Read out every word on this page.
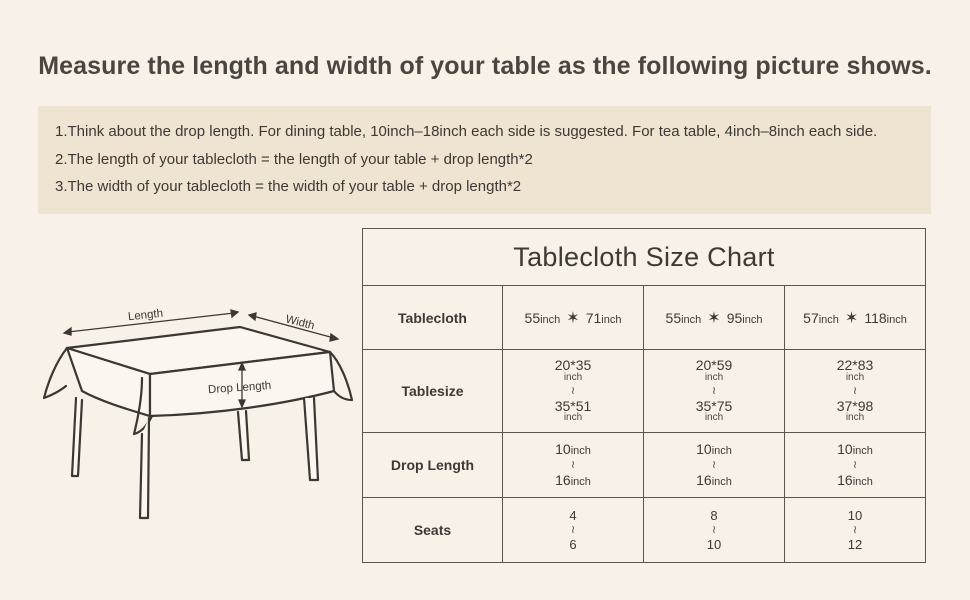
Measure the length and width of your table as the following picture shows.
1.Think about the drop length. For dining table, 10inch–18inch each side is suggested. For tea table, 4inch–8inch each side.
2.The length of your tablecloth = the length of your table + drop length*2
3.The width of your tablecloth = the width of your table + drop length*2
Length	Width
Drop Length
Tablecloth Size Chart			
Tablecloth	55inch ✶ 71inch	55inch ✶ 95inch	57inch ✶ 118inch
Tablesize	20*35
inch
≀
35*51
inch	20*59
inch
≀
35*75
inch	22*83
inch
≀
37*98
inch

Drop Length	10inch
≀
16inch	10inch
≀
16inch	10inch
≀
16inch

Seats	4
≀
6	8
≀
10	10
≀
12
